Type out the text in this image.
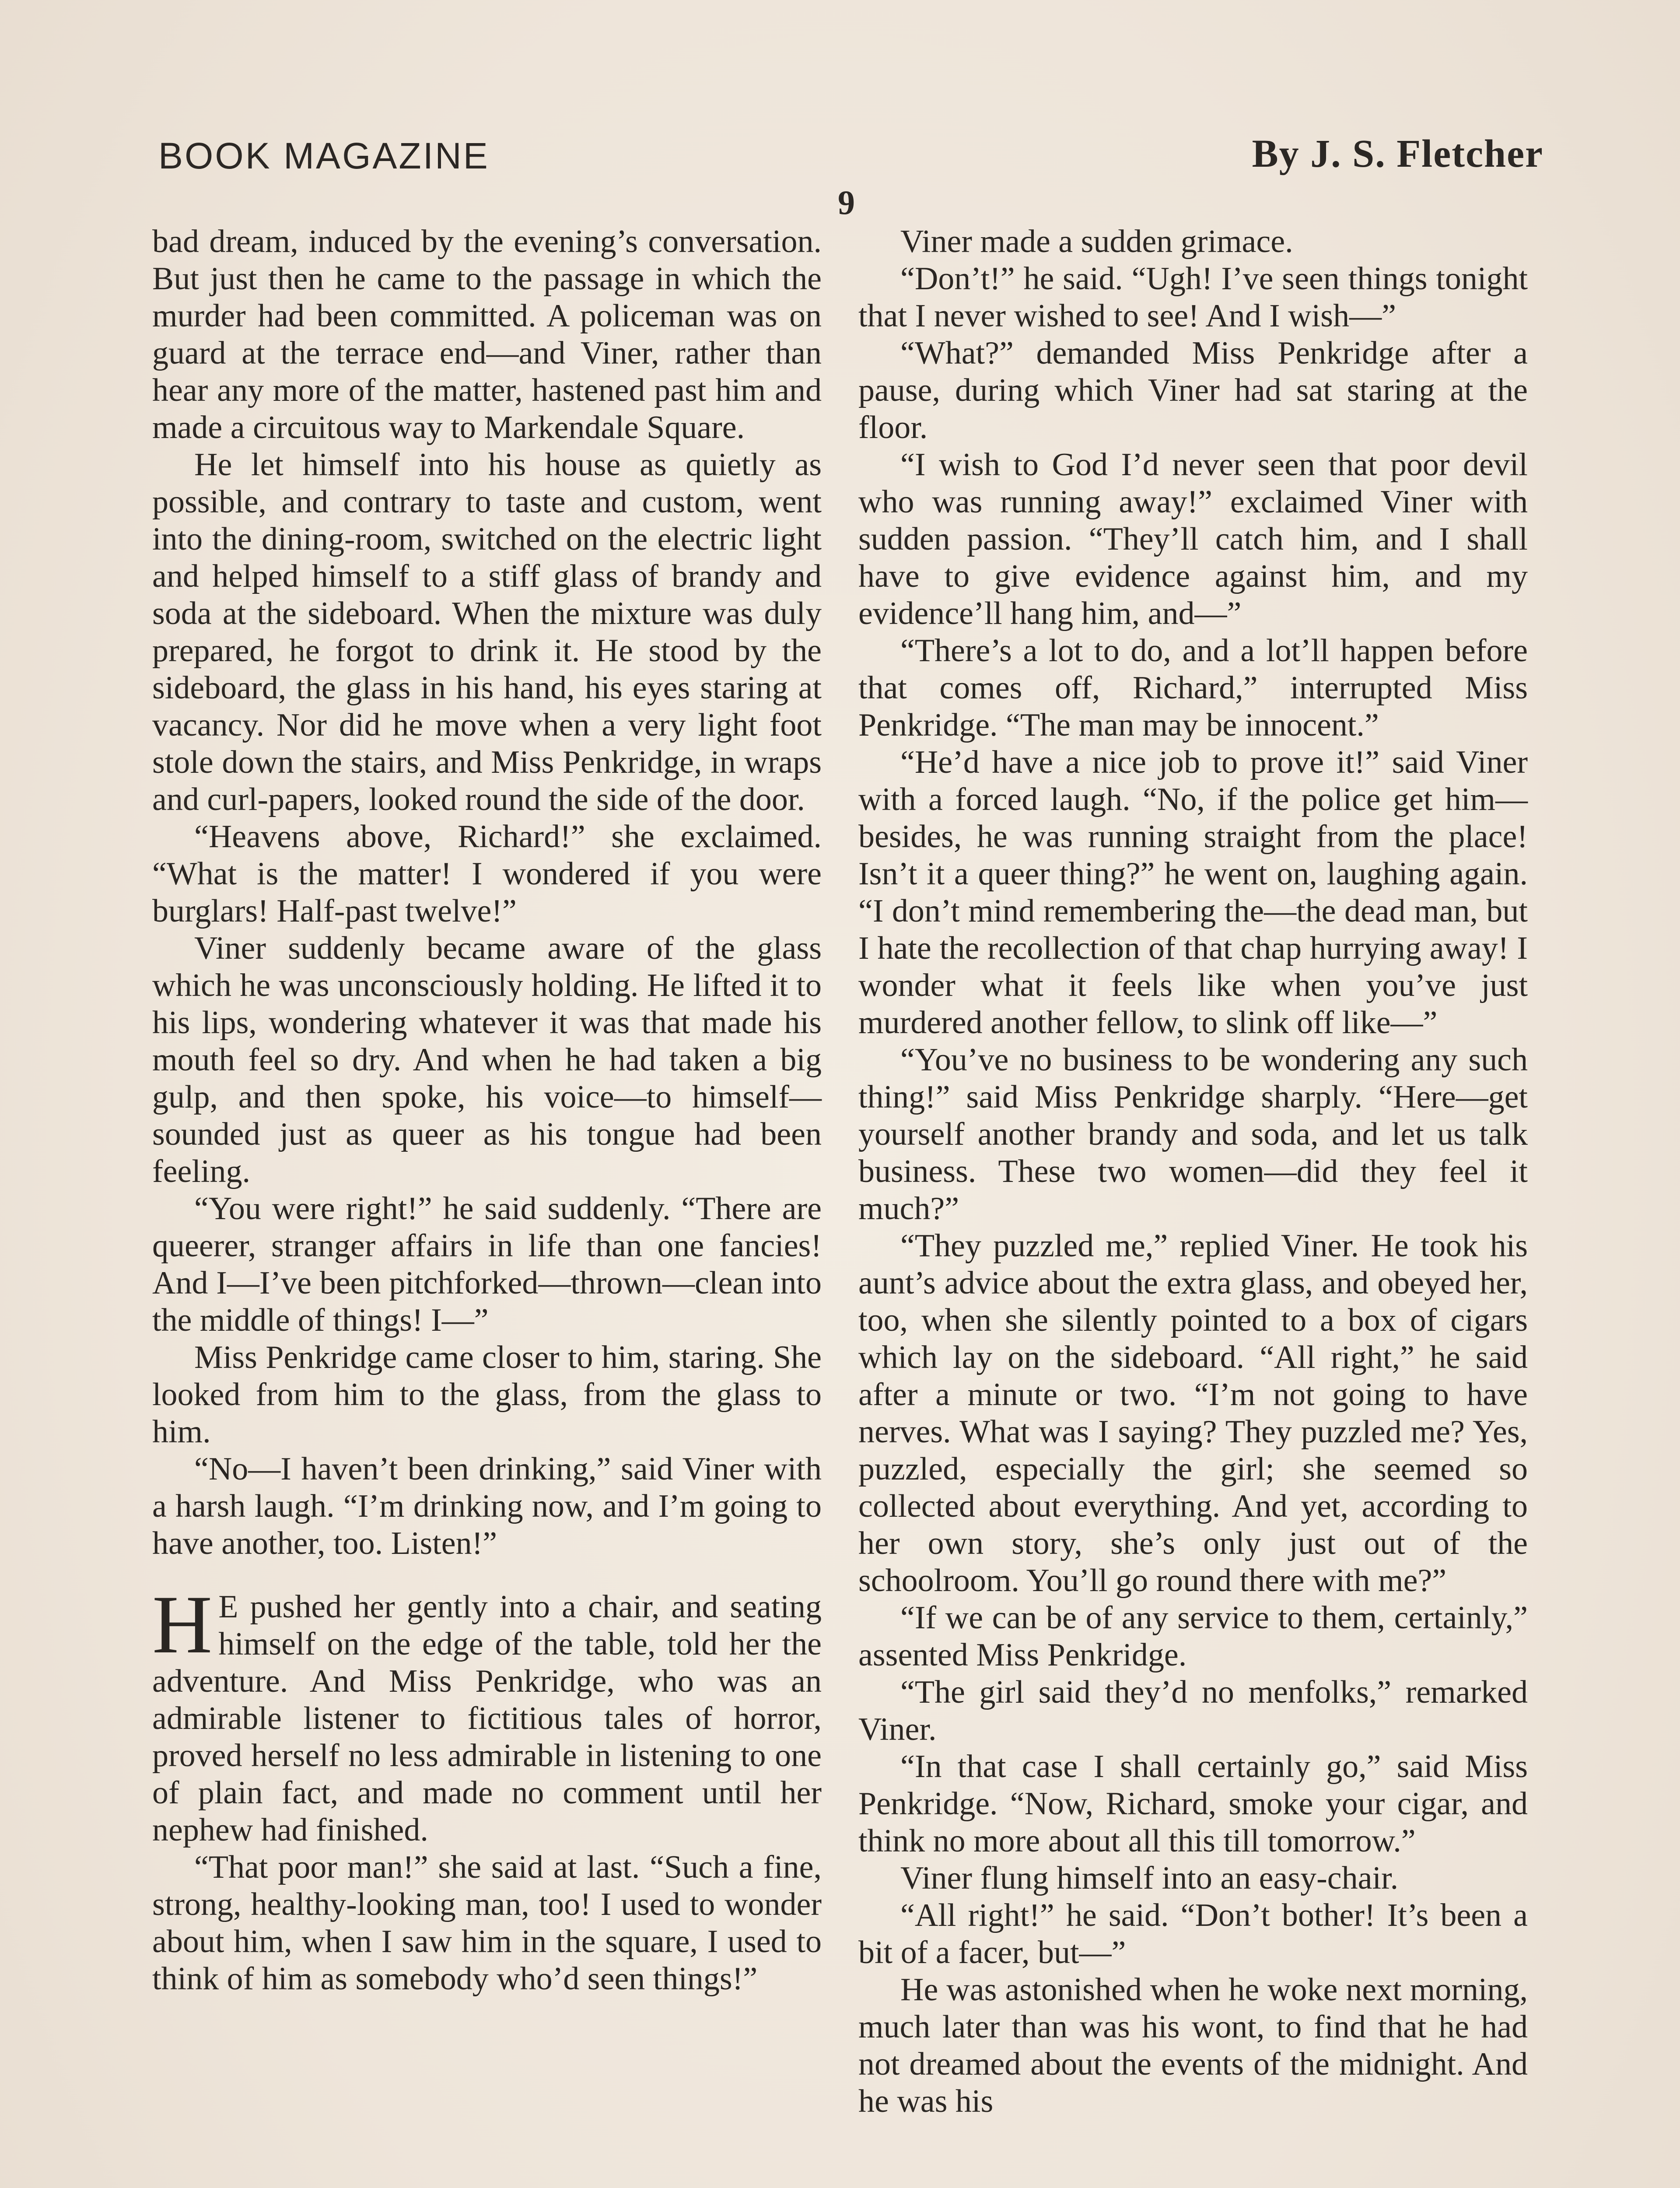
BOOK MAGAZINE	By J. S. Fletcher
9

bad dream, induced by the evening’s conversation. But just then he came to the passage in which the murder had been committed. A policeman was on guard at the terrace end—and Viner, rather than hear any more of the matter, hastened past him and made a circuitous way to Markendale Square.

He let himself into his house as quietly as possible, and contrary to taste and custom, went into the dining-room, switched on the electric light and helped himself to a stiff glass of brandy and soda at the sideboard. When the mixture was duly prepared, he forgot to drink it. He stood by the sideboard, the glass in his hand, his eyes staring at vacancy. Nor did he move when a very light foot stole down the stairs, and Miss Penkridge, in wraps and curl-papers, looked round the side of the door.

“Heavens above, Richard!” she exclaimed. “What is the matter! I wondered if you were burglars! Half-past twelve!”

Viner suddenly became aware of the glass which he was unconsciously holding. He lifted it to his lips, wondering whatever it was that made his mouth feel so dry. And when he had taken a big gulp, and then spoke, his voice—to himself—sounded just as queer as his tongue had been feeling.

“You were right!” he said suddenly. “There are queerer, stranger affairs in life than one fancies! And I—I’ve been pitchforked—thrown—clean into the middle of things! I—”

Miss Penkridge came closer to him, staring. She looked from him to the glass, from the glass to him.

“No—I haven’t been drinking,” said Viner with a harsh laugh. “I’m drinking now, and I’m going to have another, too. Listen!”

H E pushed her gently into a chair, and seating himself on the edge of the table, told her the adventure. And Miss Penkridge, who was an admirable listener to fictitious tales of horror, proved herself no less admirable in listening to one of plain fact, and made no comment until her nephew had finished.

“That poor man!” she said at last. “Such a fine, strong, healthy-looking man, too! I used to wonder about him, when I saw him in the square, I used to think of him as somebody who’d seen things!”

Viner made a sudden grimace.

“Don’t!” he said. “Ugh! I’ve seen things tonight that I never wished to see! And I wish—”

“What?” demanded Miss Penkridge after a pause, during which Viner had sat staring at the floor.

“I wish to God I’d never seen that poor devil who was running away!” exclaimed Viner with sudden passion. “They’ll catch him, and I shall have to give evidence against him, and my evidence’ll hang him, and—”

“There’s a lot to do, and a lot’ll happen before that comes off, Richard,” interrupted Miss Penkridge. “The man may be innocent.”

“He’d have a nice job to prove it!” said Viner with a forced laugh. “No, if the police get him—besides, he was running straight from the place! Isn’t it a queer thing?” he went on, laughing again. “I don’t mind remembering the—the dead man, but I hate the recollection of that chap hurrying away! I wonder what it feels like when you’ve just murdered another fellow, to slink off like—”

“You’ve no business to be wondering any such thing!” said Miss Penkridge sharply. “Here—get yourself another brandy and soda, and let us talk business. These two women—did they feel it much?”

“They puzzled me,” replied Viner. He took his aunt’s advice about the extra glass, and obeyed her, too, when she silently pointed to a box of cigars which lay on the sideboard. “All right,” he said after a minute or two. “I’m not going to have nerves. What was I saying? They puzzled me? Yes, puzzled, especially the girl; she seemed so collected about everything. And yet, according to her own story, she’s only just out of the schoolroom. You’ll go round there with me?”

“If we can be of any service to them, certainly,” assented Miss Penkridge.

“The girl said they’d no menfolks,” remarked Viner.

“In that case I shall certainly go,” said Miss Penkridge. “Now, Richard, smoke your cigar, and think no more about all this till tomorrow.”

Viner flung himself into an easy-chair.

“All right!” he said. “Don’t bother! It’s been a bit of a facer, but—”

He was astonished when he woke next morning, much later than was his wont, to find that he had not dreamed about the events of the midnight. And he was his
